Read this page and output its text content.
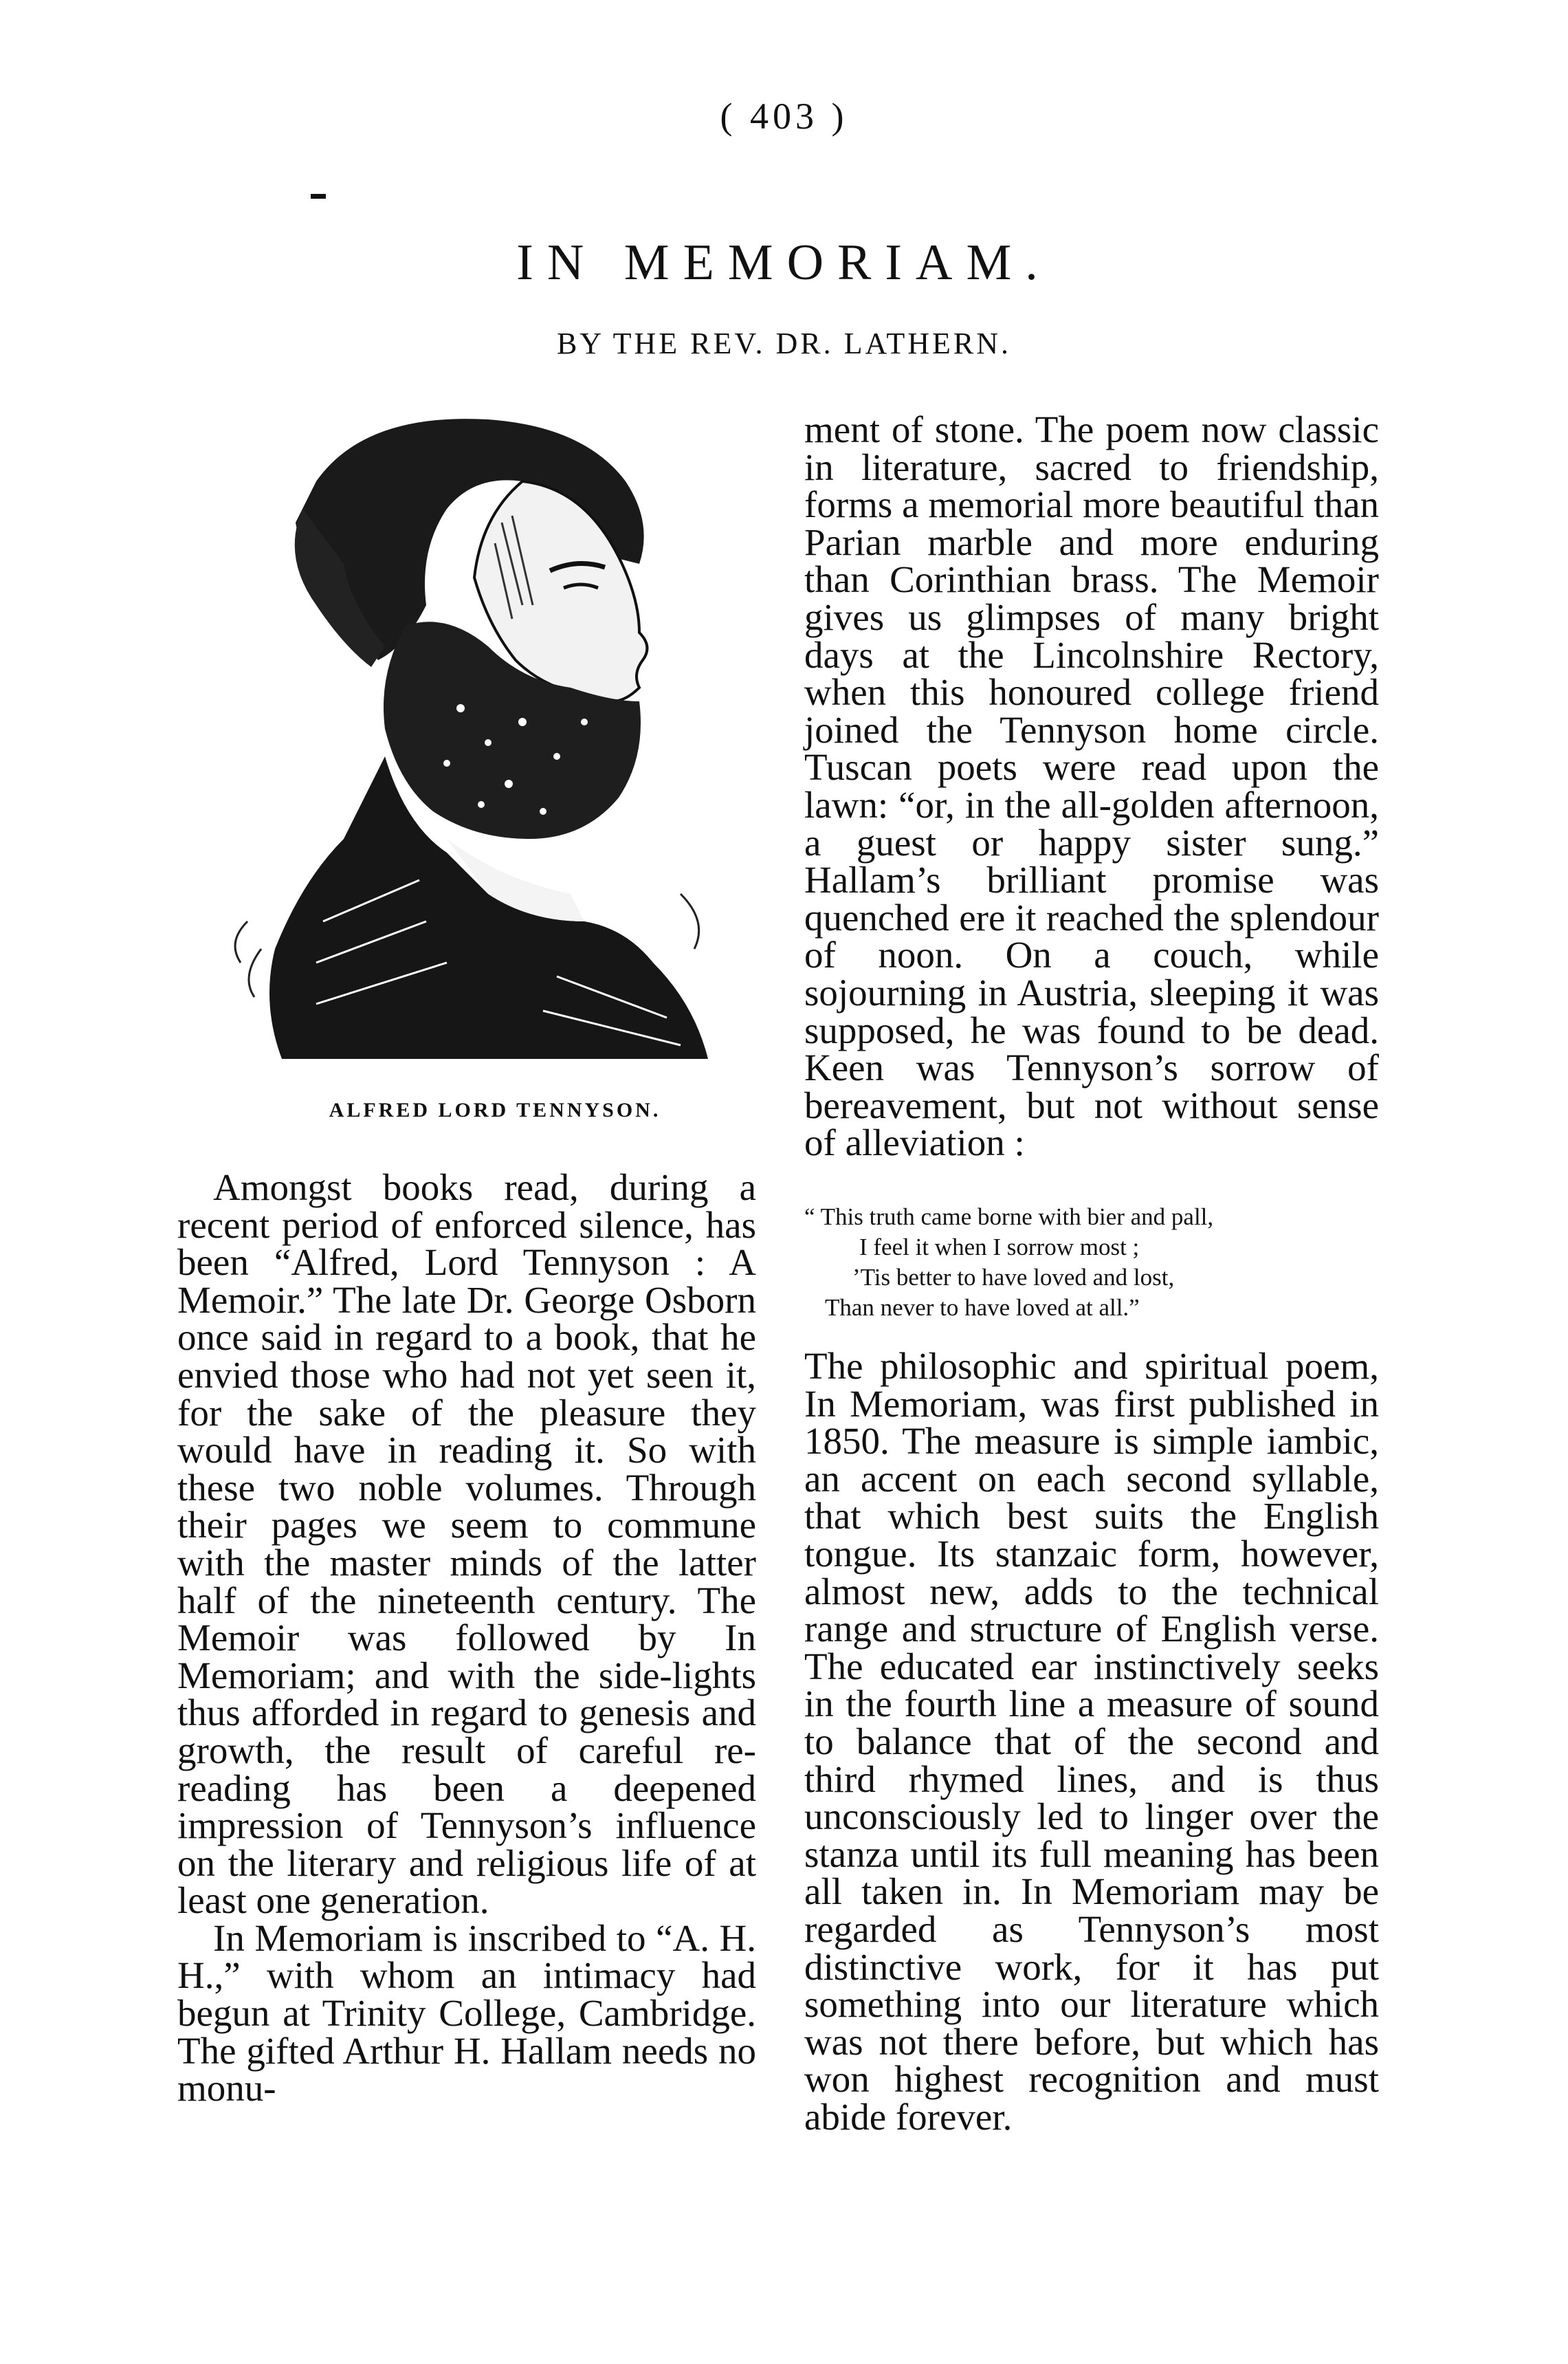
( 403 )
IN MEMORIAM.
BY THE REV. DR. LATHERN.
ALFRED LORD TENNYSON.

Amongst books read, during a recent period of enforced silence, has been “Alfred, Lord Tennyson : A Memoir.” The late Dr. George Osborn once said in regard to a book, that he envied those who had not yet seen it, for the sake of the pleasure they would have in reading it. So with these two noble volumes. Through their pages we seem to commune with the master minds of the latter half of the nineteenth century. The Memoir was followed by In Memoriam; and with the side-lights thus afforded in regard to genesis and growth, the result of careful re-reading has been a deepened impression of Tennyson’s influence on the literary and religious life of at least one generation.

In Memoriam is inscribed to “A. H. H.,” with whom an intimacy had begun at Trinity College, Cambridge. The gifted Arthur H. Hallam needs no monu-

ment of stone. The poem now classic in literature, sacred to friendship, forms a memorial more beautiful than Parian marble and more enduring than Corinthian brass. The Memoir gives us glimpses of many bright days at the Lincolnshire Rectory, when this honoured college friend joined the Tennyson home circle. Tuscan poets were read upon the lawn: “or, in the all-golden afternoon, a guest or happy sister sung.” Hallam’s brilliant promise was quenched ere it reached the splendour of noon. On a couch, while sojourning in Austria, sleeping it was supposed, he was found to be dead. Keen was Tennyson’s sorrow of bereavement, but not without sense of alleviation :

“ This truth came borne with bier and pall,
I feel it when I sorrow most ;
’Tis better to have loved and lost,
Than never to have loved at all.”

The philosophic and spiritual poem, In Memoriam, was first published in 1850. The measure is simple iambic, an accent on each second syllable, that which best suits the English tongue. Its stanzaic form, however, almost new, adds to the technical range and structure of English verse. The educated ear instinctively seeks in the fourth line a measure of sound to balance that of the second and third rhymed lines, and is thus unconsciously led to linger over the stanza until its full meaning has been all taken in. In Memoriam may be regarded as Tennyson’s most distinctive work, for it has put something into our literature which was not there before, but which has won highest recognition and must abide forever.
